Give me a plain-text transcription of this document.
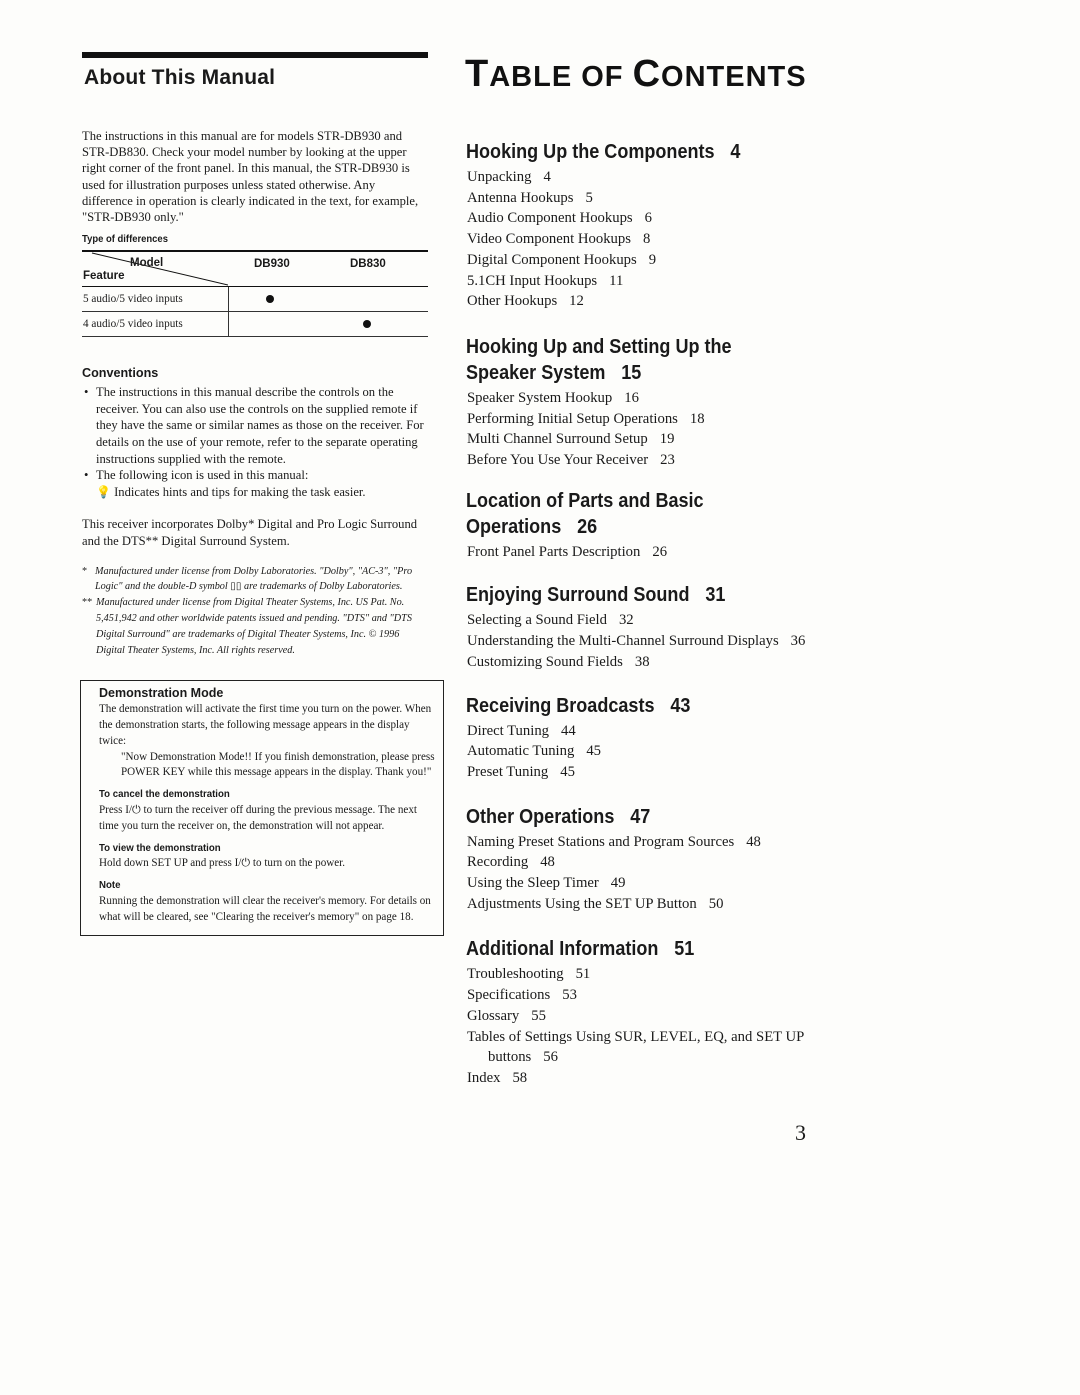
About This Manual

The instructions in this manual are for models STR-DB930 and STR-DB830. Check your model number by looking at the upper right corner of the front panel. In this manual, the STR-DB930 is used for illustration purposes unless stated otherwise. Any difference in operation is clearly indicated in the text, for example, "STR-DB930 only."

Type of differences
Model
Feature
DB930	DB830
5 audio/5 video inputs
4 audio/5 video inputs
Conventions
• The instructions in this manual describe the controls on the receiver. You can also use the controls on the supplied remote if they have the same or similar names as those on the receiver. For details on the use of your remote, refer to the separate operating instructions supplied with the remote.
• The following icon is used in this manual:
💡 Indicates hints and tips for making the task easier.

This receiver incorporates Dolby* Digital and Pro Logic Surround and the DTS** Digital Surround System.

* Manufactured under license from Dolby Laboratories. "Dolby", "AC-3", "Pro Logic" and the double-D symbol ▯▯ are trademarks of Dolby Laboratories.

** Manufactured under license from Digital Theater Systems, Inc. US Pat. No. 5,451,942 and other worldwide patents issued and pending. "DTS" and "DTS Digital Surround" are trademarks of Digital Theater Systems, Inc. © 1996 Digital Theater Systems, Inc. All rights reserved.

Demonstration Mode

The demonstration will activate the first time you turn on the power. When the demonstration starts, the following message appears in the display twice:

"Now Demonstration Mode!! If you finish demonstration, please press POWER KEY while this message appears in the display. Thank you!"

To cancel the demonstration

Press I/⏻ to turn the receiver off during the previous message. The next time you turn the receiver on, the demonstration will not appear.

To view the demonstration

Hold down SET UP and press I/⏻ to turn on the power.

Note

Running the demonstration will clear the receiver's memory. For details on what will be cleared, see "Clearing the receiver's memory" on page 18.

TABLE OF CONTENTS
Hooking Up the Components 4
Unpacking 4
Antenna Hookups 5
Audio Component Hookups 6
Video Component Hookups 8
Digital Component Hookups 9
5.1CH Input Hookups 11
Other Hookups 12
Hooking Up and Setting Up the
Speaker System 15
Speaker System Hookup 16
Performing Initial Setup Operations 18
Multi Channel Surround Setup 19
Before You Use Your Receiver 23
Location of Parts and Basic
Operations 26
Front Panel Parts Description 26
Enjoying Surround Sound 31
Selecting a Sound Field 32
Understanding the Multi-Channel Surround Displays 36
Customizing Sound Fields 38
Receiving Broadcasts 43
Direct Tuning 44
Automatic Tuning 45
Preset Tuning 45
Other Operations 47
Naming Preset Stations and Program Sources 48
Recording 48
Using the Sleep Timer 49
Adjustments Using the SET UP Button 50
Additional Information 51
Troubleshooting 51
Specifications 53
Glossary 55
Tables of Settings Using SUR, LEVEL, EQ, and SET UP buttons 56
Index 58
3
